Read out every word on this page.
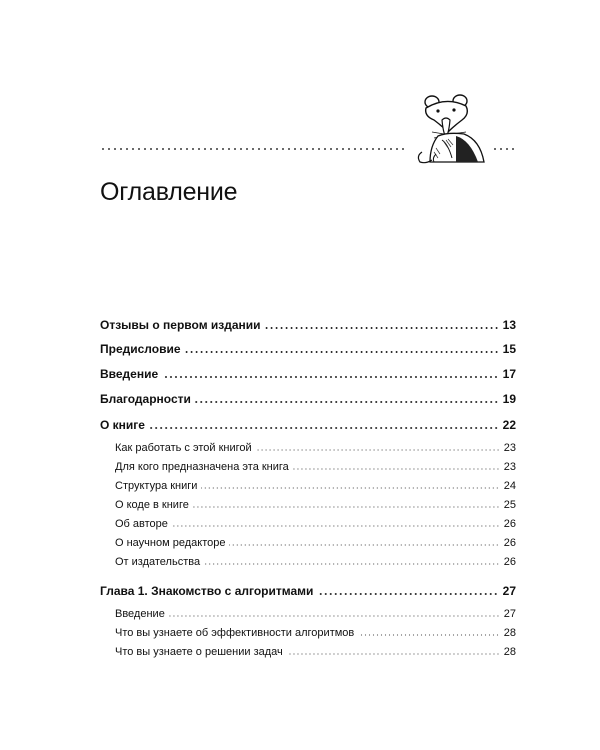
Оглавление
Отзывы о первом издании	13
Предисловие	15
Введение	17
Благодарности	19
О книге	22
Как работать с этой книгой	23
Для кого предназначена эта книга	23
Структура книги	24
О коде в книге	25
Об авторе	26
О научном редакторе	26
От издательства	26
Глава 1. Знакомство с алгоритмами	27
Введение	27
Что вы узнаете об эффективности алгоритмов	28
Что вы узнаете о решении задач	28
